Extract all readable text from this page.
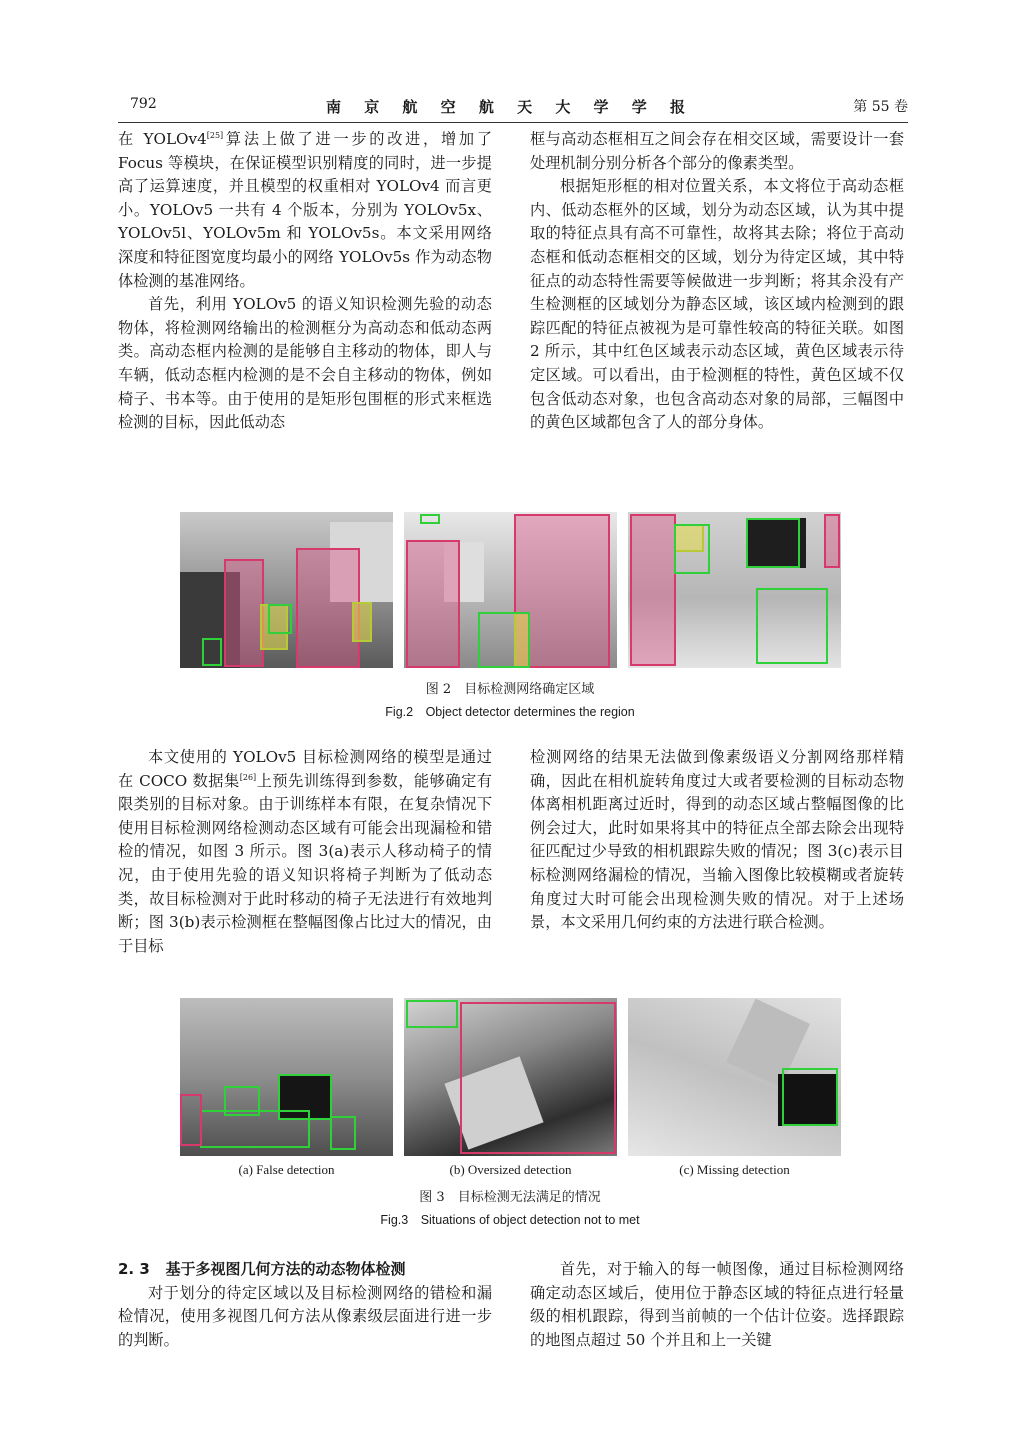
792	南 京 航 空 航 天 大 学 学 报	第 55 卷

在 YOLOv4[25]算法上做了进一步的改进，增加了 Focus 等模块，在保证模型识别精度的同时，进一步提高了运算速度，并且模型的权重相对 YOLOv4 而言更小。YOLOv5 一共有 4 个版本，分别为 YOLOv5x、YOLOv5l、YOLOv5m 和 YOLOv5s。本文采用网络深度和特征图宽度均最小的网络 YOLOv5s 作为动态物体检测的基准网络。

首先，利用 YOLOv5 的语义知识检测先验的动态物体，将检测网络输出的检测框分为高动态和低动态两类。高动态框内检测的是能够自主移动的物体，即人与车辆，低动态框内检测的是不会自主移动的物体，例如椅子、书本等。由于使用的是矩形包围框的形式来框选检测的目标，因此低动态

框与高动态框相互之间会存在相交区域，需要设计一套处理机制分别分析各个部分的像素类型。

根据矩形框的相对位置关系，本文将位于高动态框内、低动态框外的区域，划分为动态区域，认为其中提取的特征点具有高不可靠性，故将其去除；将位于高动态框和低动态框相交的区域，划分为待定区域，其中特征点的动态特性需要等候做进一步判断；将其余没有产生检测框的区域划分为静态区域，该区域内检测到的跟踪匹配的特征点被视为是可靠性较高的特征关联。如图 2 所示，其中红色区域表示动态区域，黄色区域表示待定区域。可以看出，由于检测框的特性，黄色区域不仅包含低动态对象，也包含高动态对象的局部，三幅图中的黄色区域都包含了人的部分身体。

图 2　目标检测网络确定区域
Fig.2　Object detector determines the region

本文使用的 YOLOv5 目标检测网络的模型是通过在 COCO 数据集[26]上预先训练得到参数，能够确定有限类别的目标对象。由于训练样本有限，在复杂情况下使用目标检测网络检测动态区域有可能会出现漏检和错检的情况，如图 3 所示。图 3(a)表示人移动椅子的情况，由于使用先验的语义知识将椅子判断为了低动态类，故目标检测对于此时移动的椅子无法进行有效地判断；图 3(b)表示检测框在整幅图像占比过大的情况，由于目标

检测网络的结果无法做到像素级语义分割网络那样精确，因此在相机旋转角度过大或者要检测的目标动态物体离相机距离过近时，得到的动态区域占整幅图像的比例会过大，此时如果将其中的特征点全部去除会出现特征匹配过少导致的相机跟踪失败的情况；图 3(c)表示目标检测网络漏检的情况，当输入图像比较模糊或者旋转角度过大时可能会出现检测失败的情况。对于上述场景，本文采用几何约束的方法进行联合检测。

(a) False detection	(b) Oversized detection	(c) Missing detection
图 3　目标检测无法满足的情况
Fig.3　Situations of object detection not to met

2. 3 基于多视图几何方法的动态物体检测

对于划分的待定区域以及目标检测网络的错检和漏检情况，使用多视图几何方法从像素级层面进行进一步的判断。

首先，对于输入的每一帧图像，通过目标检测网络确定动态区域后，使用位于静态区域的特征点进行轻量级的相机跟踪，得到当前帧的一个估计位姿。选择跟踪的地图点超过 50 个并且和上一关键
